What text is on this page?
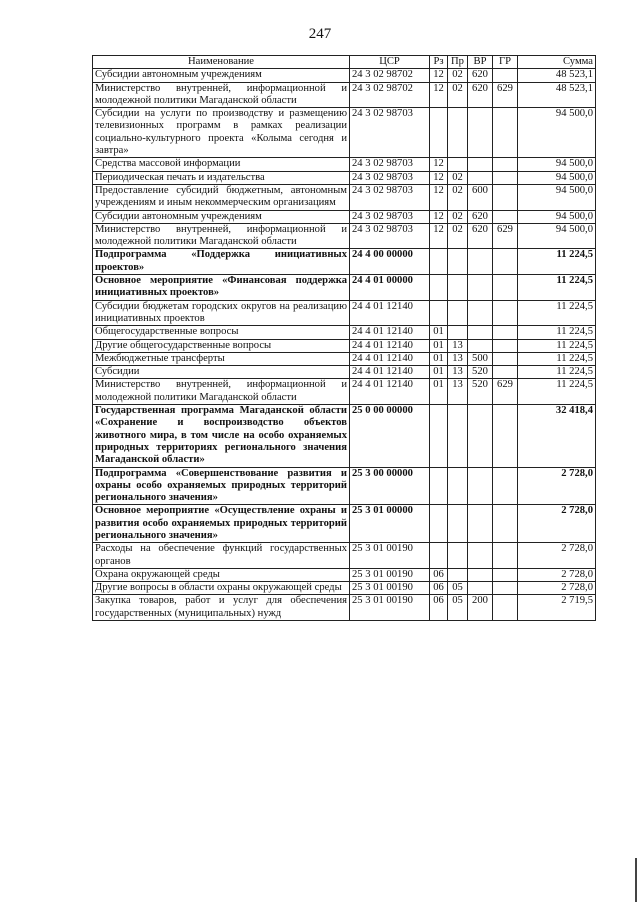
247
Наименование	ЦСР	Рз	Пр	ВР	ГР	Сумма
Субсидии автономным учреждениям	24 3 02 98702	12	02	620		48 523,1
Министерство внутренней, информационной и молодежной политики Магаданской области	24 3 02 98702	12	02	620	629	48 523,1
Субсидии на услуги по производству и размещению телевизионных программ в рамках реализации социально-культурного проекта «Колыма сегодня и завтра»	24 3 02 98703					94 500,0
Средства массовой информации	24 3 02 98703	12				94 500,0
Периодическая печать и издательства	24 3 02 98703	12	02			94 500,0
Предоставление субсидий бюджетным, автономным учреждениям и иным некоммерческим организациям	24 3 02 98703	12	02	600		94 500,0
Субсидии автономным учреждениям	24 3 02 98703	12	02	620		94 500,0
Министерство внутренней, информационной и молодежной политики Магаданской области	24 3 02 98703	12	02	620	629	94 500,0
Подпрограмма «Поддержка инициативных проектов»	24 4 00 00000					11 224,5
Основное мероприятие «Финансовая поддержка инициативных проектов»	24 4 01 00000					11 224,5
Субсидии бюджетам городских округов на реализацию инициативных проектов	24 4 01 12140					11 224,5
Общегосударственные вопросы	24 4 01 12140	01				11 224,5
Другие общегосударственные вопросы	24 4 01 12140	01	13			11 224,5
Межбюджетные трансферты	24 4 01 12140	01	13	500		11 224,5
Субсидии	24 4 01 12140	01	13	520		11 224,5
Министерство внутренней, информационной и молодежной политики Магаданской области	24 4 01 12140	01	13	520	629	11 224,5
Государственная программа Магаданской области «Сохранение и воспроизводство объектов животного мира, в том числе на особо охраняемых природных территориях регионального значения Магаданской области»	25 0 00 00000					32 418,4
Подпрограмма «Совершенствование развития и охраны особо охраняемых природных территорий регионального значения»	25 3 00 00000					2 728,0
Основное мероприятие «Осуществление охраны и развития особо охраняемых природных территорий регионального значения»	25 3 01 00000					2 728,0
Расходы на обеспечение функций государственных органов	25 3 01 00190					2 728,0
Охрана окружающей среды	25 3 01 00190	06				2 728,0
Другие вопросы в области охраны окружающей среды	25 3 01 00190	06	05			2 728,0
Закупка товаров, работ и услуг для обеспечения государственных (муниципальных) нужд	25 3 01 00190	06	05	200		2 719,5
